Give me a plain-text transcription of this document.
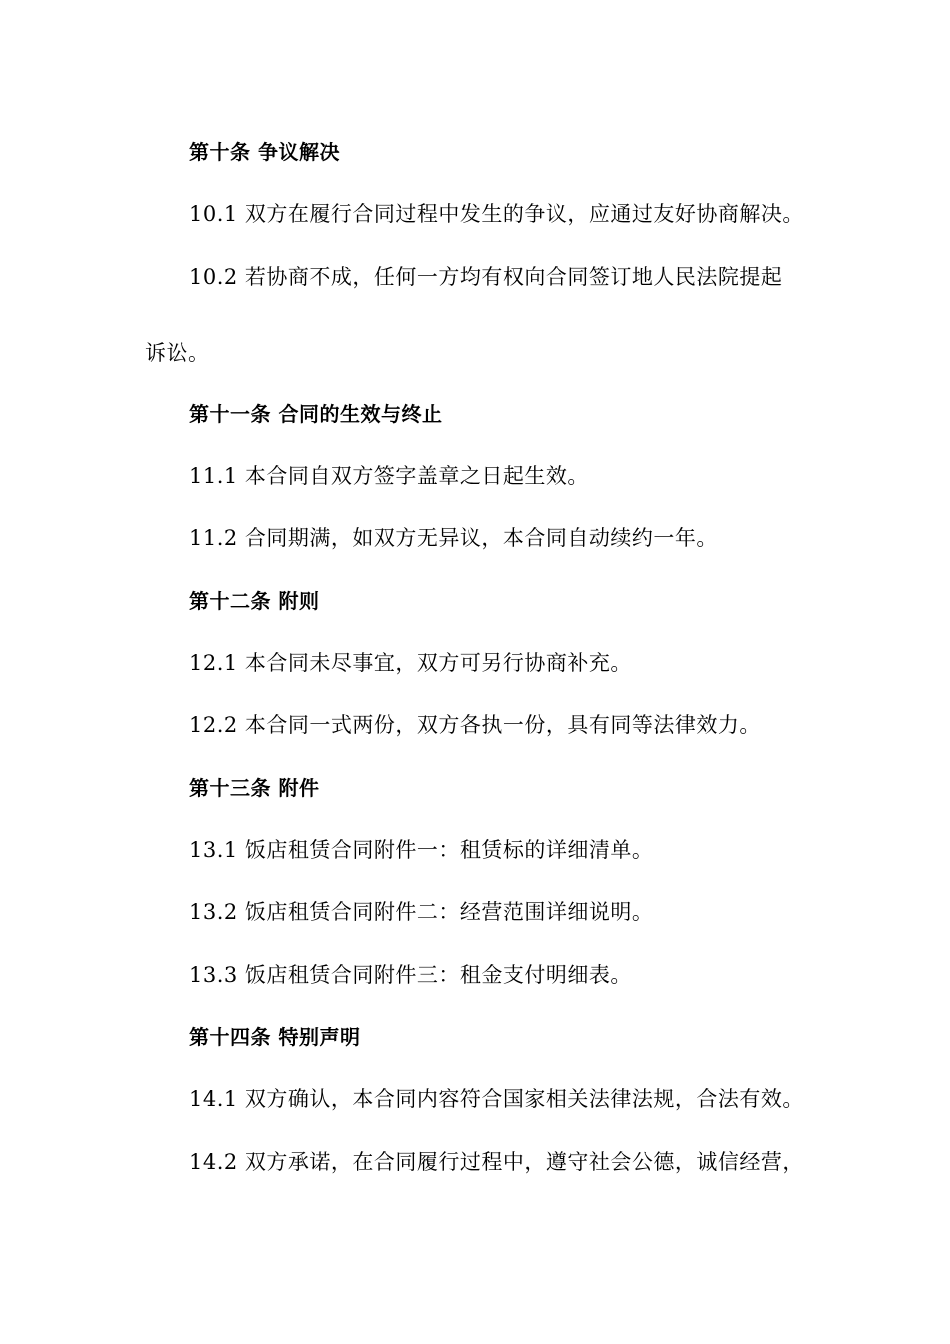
第十条 争议解决
10.1 双方在履行合同过程中发生的争议，应通过友好协商解决。
10.2 若协商不成，任何一方均有权向合同签订地人民法院提起
诉讼。
第十一条 合同的生效与终止
11.1 本合同自双方签字盖章之日起生效。
11.2 合同期满，如双方无异议，本合同自动续约一年。
第十二条 附则
12.1 本合同未尽事宜，双方可另行协商补充。
12.2 本合同一式两份，双方各执一份，具有同等法律效力。
第十三条 附件
13.1 饭店租赁合同附件一：租赁标的详细清单。
13.2 饭店租赁合同附件二：经营范围详细说明。
13.3 饭店租赁合同附件三：租金支付明细表。
第十四条 特别声明
14.1 双方确认，本合同内容符合国家相关法律法规，合法有效。
14.2 双方承诺，在合同履行过程中，遵守社会公德，诚信经营，
